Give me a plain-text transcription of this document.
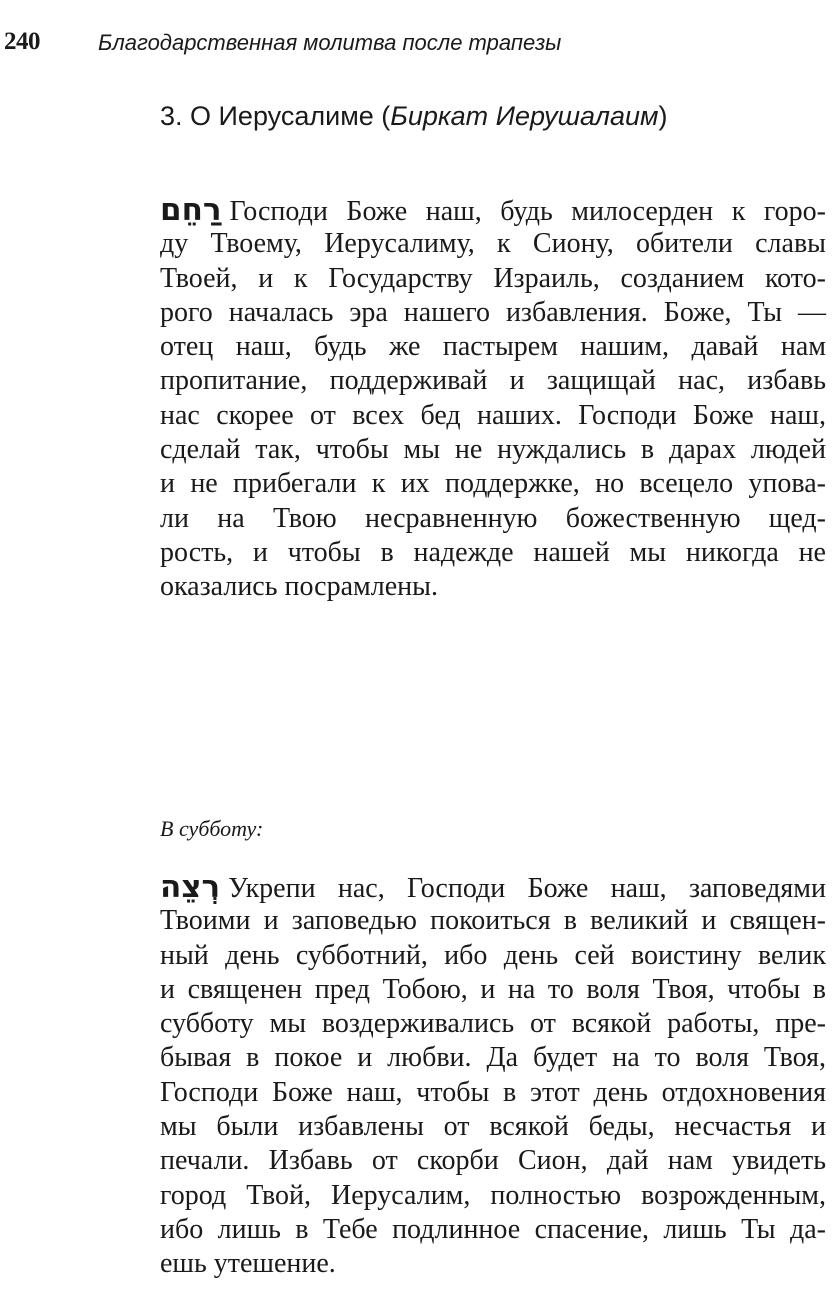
240	Благодарственная молитва после трапезы
3. О Иерусалиме (Биркат Иерушалаим)
רַחֵם Господи Боже наш, будь милосерден к горо-
ду Твоему, Иерусалиму, к Сиону, обители славы
Твоей, и к Государству Израиль, созданием кото-
рого началась эра нашего избавления. Боже, Ты —
отец наш, будь же пастырем нашим, давай нам
пропитание, поддерживай и защищай нас, избавь
нас скорее от всех бед наших. Господи Боже наш,
сделай так, чтобы мы не нуждались в дарах людей
и не прибегали к их поддержке, но всецело упова-
ли на Твою несравненную божественную щед-
рость, и чтобы в надежде нашей мы никогда не
оказались посрамлены.
В субботу:
רְצֵה Укрепи нас, Господи Боже наш, заповедями
Твоими и заповедью покоиться в великий и священ-
ный день субботний, ибо день сей воистину велик
и священен пред Тобою, и на то воля Твоя, чтобы в
субботу мы воздерживались от всякой работы, пре-
бывая в покое и любви. Да будет на то воля Твоя,
Господи Боже наш, чтобы в этот день отдохновения
мы были избавлены от всякой беды, несчастья и
печали. Избавь от скорби Сион, дай нам увидеть
город Твой, Иерусалим, полностью возрожденным,
ибо лишь в Тебе подлинное спасение, лишь Ты да-
ешь утешение.
